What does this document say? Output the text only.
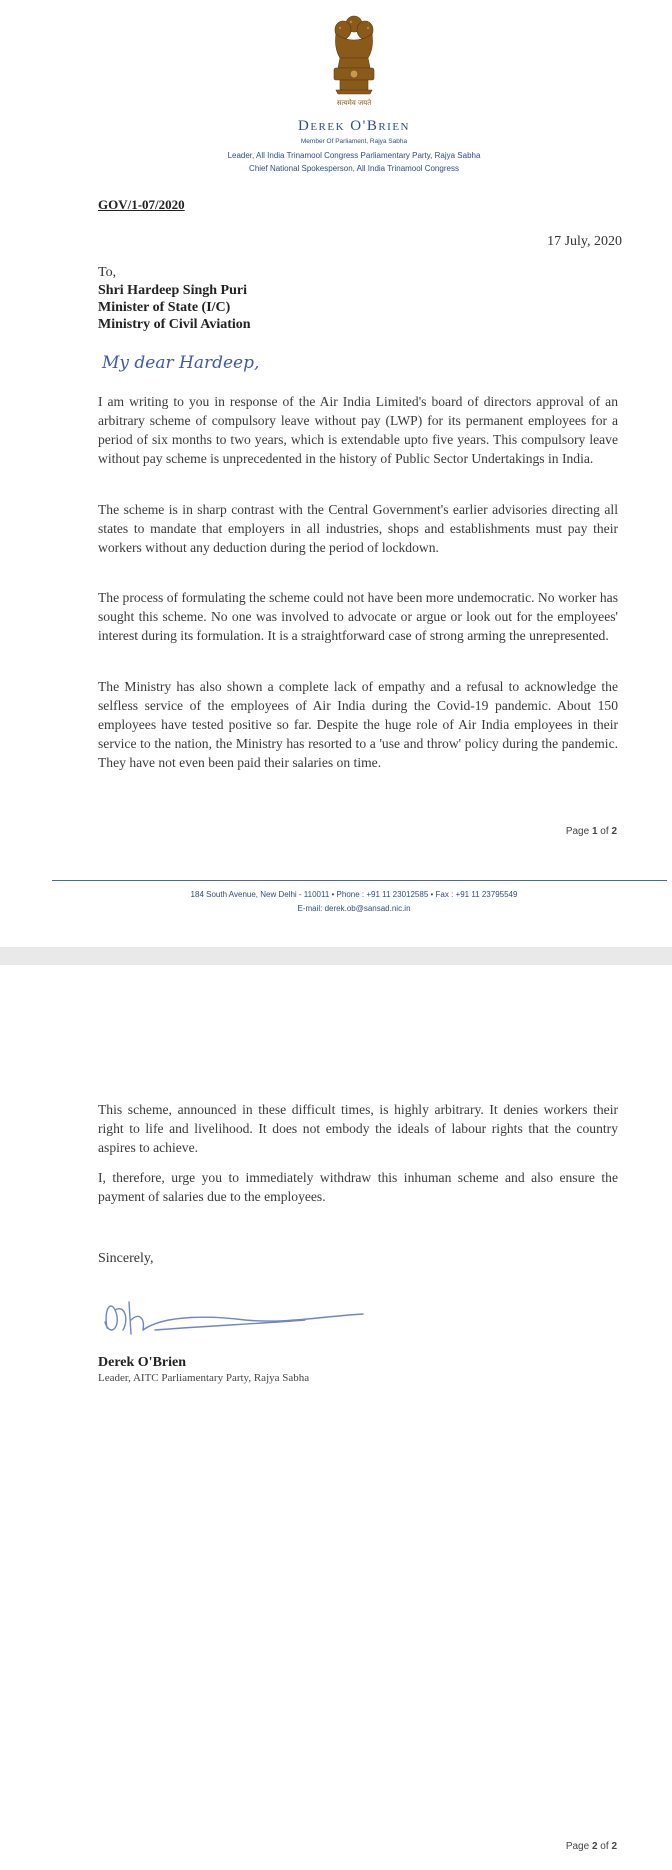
सत्यमेव जयते
Derek O'Brien
Member Of Parliament, Rajya Sabha
Leader, All India Trinamool Congress Parliamentary Party, Rajya Sabha
Chief National Spokesperson, All India Trinamool Congress
GOV/1-07/2020
17 July, 2020
To,
Shri Hardeep Singh Puri
Minister of State (I/C)
Ministry of Civil Aviation
My dear Hardeep,

I am writing to you in response of the Air India Limited's board of directors approval of an arbitrary scheme of compulsory leave without pay (LWP) for its permanent employees for a period of six months to two years, which is extendable upto five years. This compulsory leave without pay scheme is unprecedented in the history of Public Sector Undertakings in India.

The scheme is in sharp contrast with the Central Government's earlier advisories directing all states to mandate that employers in all industries, shops and establishments must pay their workers without any deduction during the period of lockdown.

The process of formulating the scheme could not have been more undemocratic. No worker has sought this scheme. No one was involved to advocate or argue or look out for the employees' interest during its formulation. It is a straightforward case of strong arming the unrepresented.

The Ministry has also shown a complete lack of empathy and a refusal to acknowledge the selfless service of the employees of Air India during the Covid-19 pandemic. About 150 employees have tested positive so far. Despite the huge role of Air India employees in their service to the nation, the Ministry has resorted to a 'use and throw' policy during the pandemic. They have not even been paid their salaries on time.

Page 1 of 2
184 South Avenue, New Delhi - 110011 • Phone : +91 11 23012585 • Fax : +91 11 23795549
E-mail: derek.ob@sansad.nic.in

This scheme, announced in these difficult times, is highly arbitrary. It denies workers their right to life and livelihood. It does not embody the ideals of labour rights that the country aspires to achieve.

I, therefore, urge you to immediately withdraw this inhuman scheme and also ensure the payment of salaries due to the employees.

Sincerely,
Derek O'Brien
Leader, AITC Parliamentary Party, Rajya Sabha
Page 2 of 2
